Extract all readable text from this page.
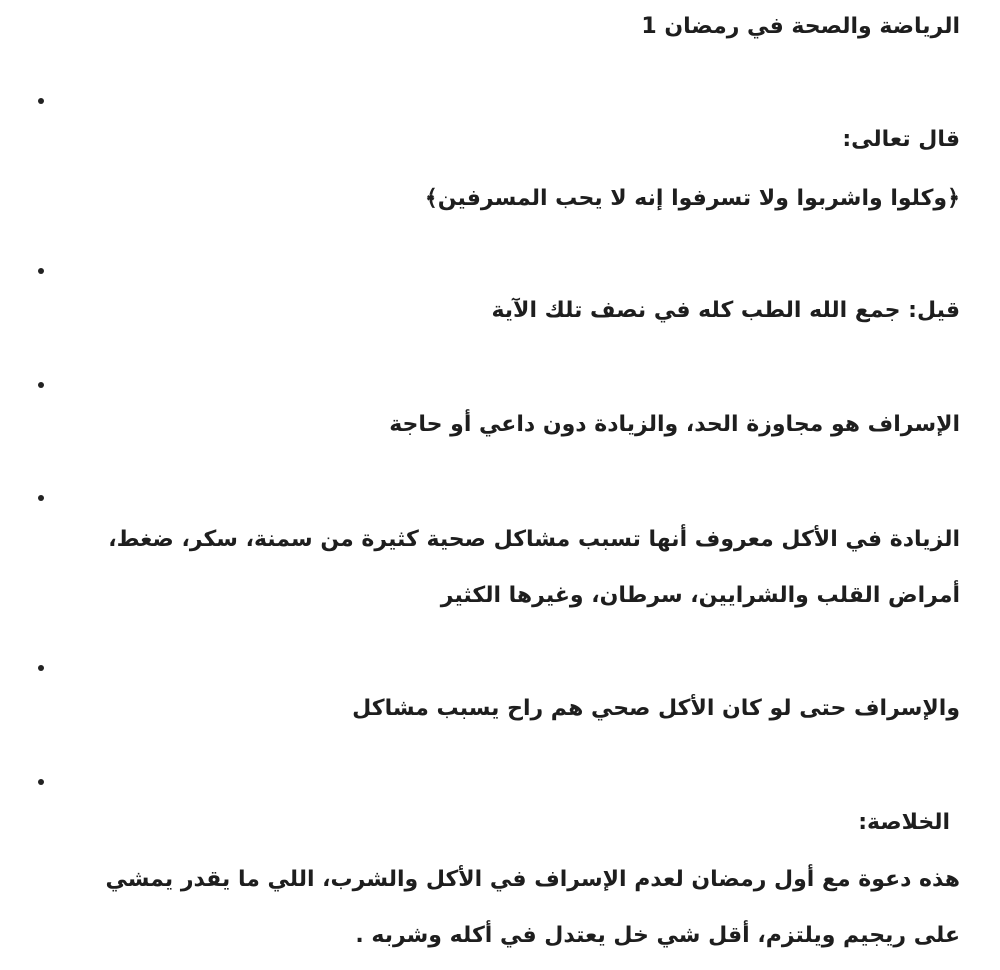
الرياضة والصحة في رمضان 1
قال تعالى:
﴿وكلوا واشربوا ولا تسرفوا إنه لا يحب المسرفين﴾
قيل: جمع الله الطب كله في نصف تلك الآية
الإسراف هو مجاوزة الحد، والزيادة دون داعي أو حاجة
الزيادة في الأكل معروف أنها تسبب مشاكل صحية كثيرة من سمنة، سكر، ضغط، أمراض القلب والشرايين، سرطان، وغيرها الكثير
والإسراف حتى لو كان الأكل صحي هم راح يسبب مشاكل
الخلاصة:
هذه دعوة مع أول رمضان لعدم الإسراف في الأكل والشرب، اللي ما يقدر يمشي على ريجيم ويلتزم، أقل شي خل يعتدل في أكله وشربه .
